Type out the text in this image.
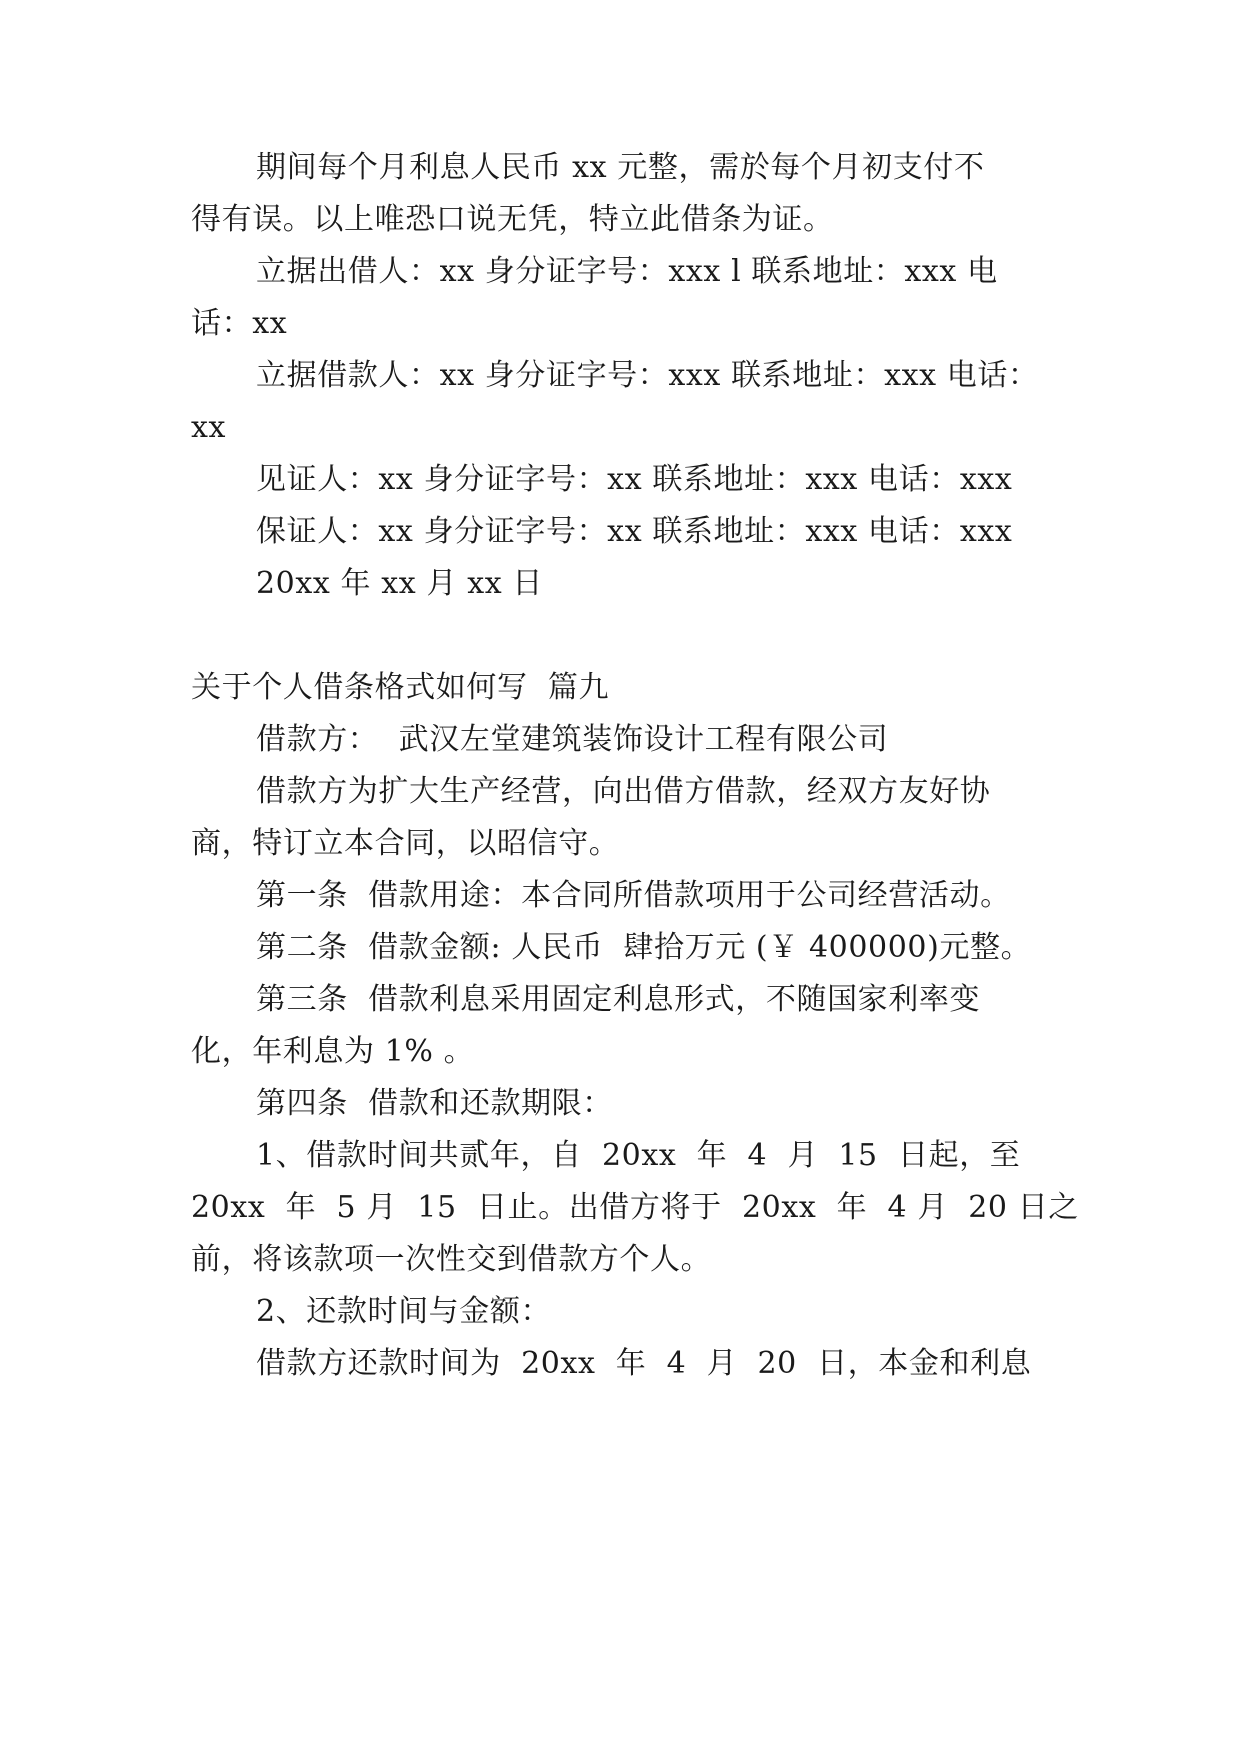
期间每个月利息人民币 xx 元整，需於每个月初支付不
得有误。以上唯恐口说无凭，特立此借条为证。
立据出借人：xx 身分证字号：xxx l 联系地址：xxx 电
话：xx
立据借款人：xx 身分证字号：xxx 联系地址：xxx 电话：
xx
见证人：xx 身分证字号：xx 联系地址：xxx 电话：xxx
保证人：xx 身分证字号：xx 联系地址：xxx 电话：xxx
20xx 年 xx 月 xx 日
关于个人借条格式如何写  篇九
借款方：  武汉左堂建筑装饰设计工程有限公司
借款方为扩大生产经营，向出借方借款，经双方友好协
商，特订立本合同，以昭信守。
第一条  借款用途：本合同所借款项用于公司经营活动。
第二条  借款金额: 人民币  肆拾万元 (￥ 400000)元整。
第三条  借款利息采用固定利息形式，不随国家利率变
化，年利息为 1% 。
第四条  借款和还款期限：
1、借款时间共贰年，自  20xx  年  4  月  15  日起，至
20xx  年  5 月  15  日止。出借方将于  20xx  年  4 月  20 日之
前，将该款项一次性交到借款方个人。
2、还款时间与金额：
借款方还款时间为  20xx  年  4  月  20  日，本金和利息
